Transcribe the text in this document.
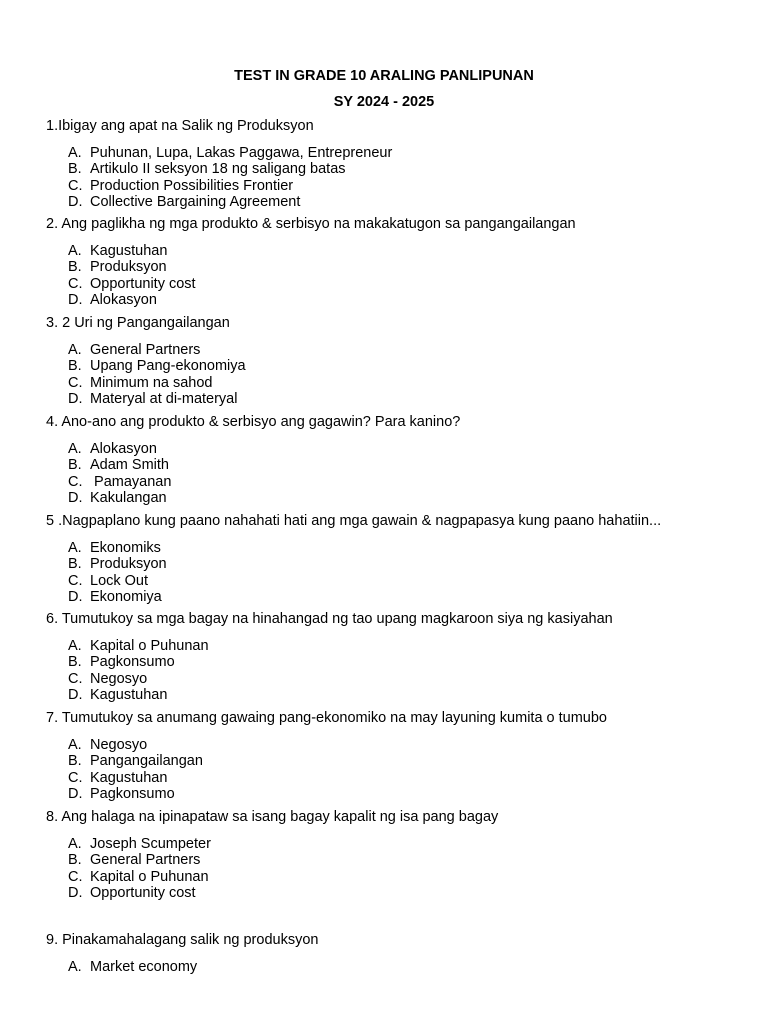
TEST IN GRADE 10 ARALING PANLIPUNAN
SY 2024 - 2025
1.Ibigay ang apat na Salik ng Produksyon
A. Puhunan, Lupa, Lakas Paggawa, Entrepreneur
B. Artikulo II seksyon 18 ng saligang batas
C. Production Possibilities Frontier
D. Collective Bargaining Agreement
2. Ang paglikha ng mga produkto & serbisyo na makakatugon sa pangangailangan
A. Kagustuhan
B. Produksyon
C. Opportunity cost
D. Alokasyon
3. 2 Uri ng Pangangailangan
A. General Partners
B. Upang Pang-ekonomiya
C. Minimum na sahod
D. Materyal at di-materyal
4. Ano-ano ang produkto & serbisyo ang gagawin? Para kanino?
A. Alokasyon
B. Adam Smith
C. Pamayanan
D. Kakulangan
5 .Nagpaplano kung paano nahahati hati ang mga gawain & nagpapasya kung paano hahatiin...
A. Ekonomiks
B. Produksyon
C. Lock Out
D. Ekonomiya
6. Tumutukoy sa mga bagay na hinahangad ng tao upang magkaroon siya ng kasiyahan
A. Kapital o Puhunan
B. Pagkonsumo
C. Negosyo
D. Kagustuhan
7. Tumutukoy sa anumang gawaing pang-ekonomiko na may layuning kumita o tumubo
A. Negosyo
B. Pangangailangan
C. Kagustuhan
D. Pagkonsumo
8. Ang halaga na ipinapataw sa isang bagay kapalit ng isa pang bagay
A. Joseph Scumpeter
B. General Partners
C. Kapital o Puhunan
D. Opportunity cost
9. Pinakamahalagang salik ng produksyon
A. Market economy
